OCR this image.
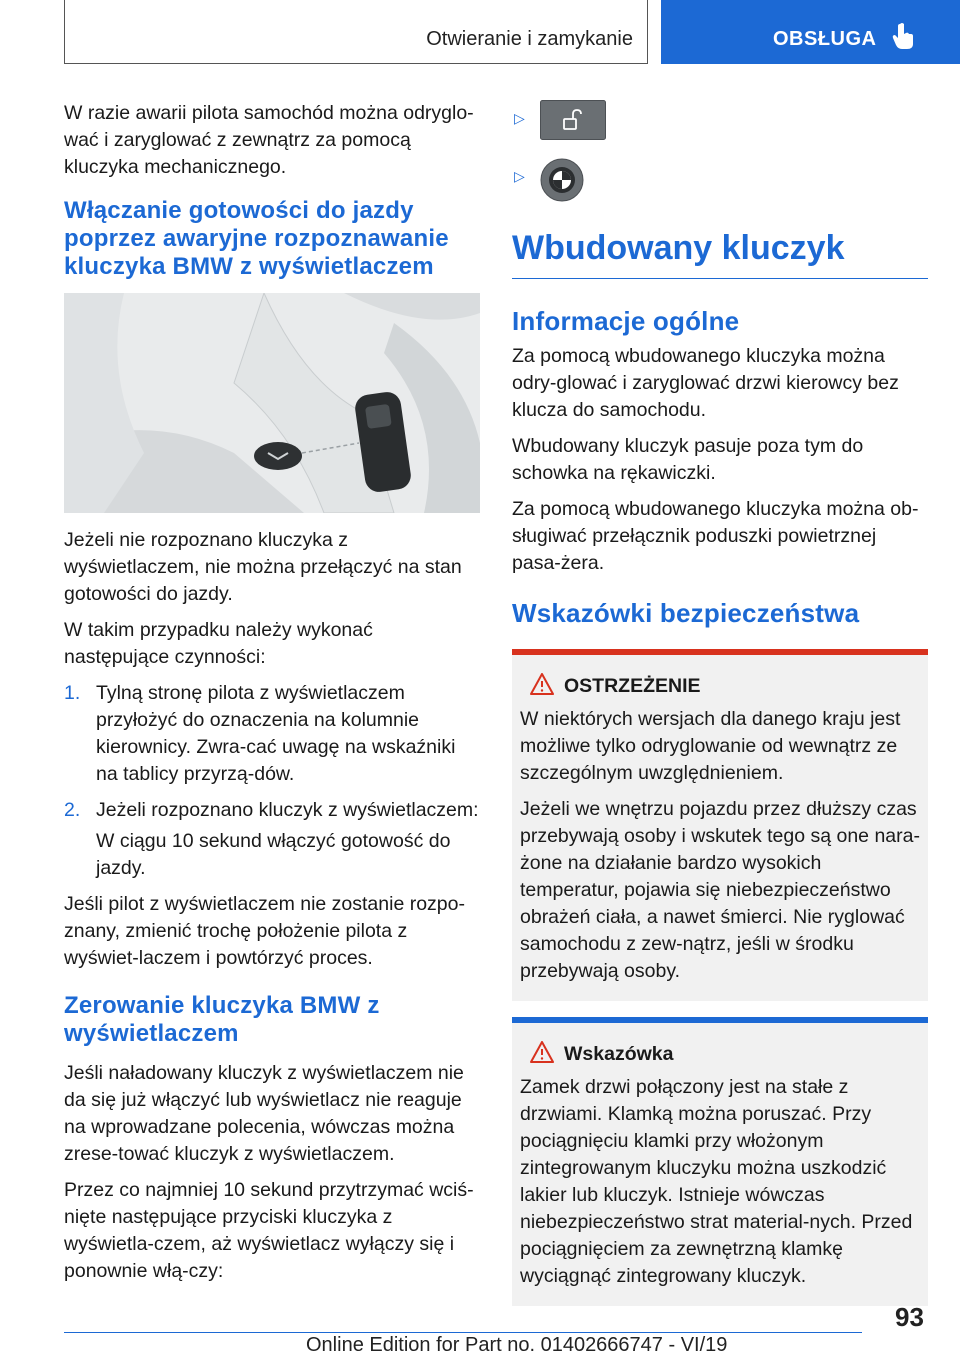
Otwieranie i zamykanie	OBSŁUGA

W razie awarii pilota samochód można odryglo-wać i zaryglować z zewnątrz za pomocą kluczyka mechanicznego.

Włączanie gotowości do jazdy poprzez awaryjne rozpoznawanie kluczyka BMW z wyświetlaczem

Jeżeli nie rozpoznano kluczyka z wyświetlaczem, nie można przełączyć na stan gotowości do jazdy.

W takim przypadku należy wykonać następujące czynności:

1. Tylną stronę pilota z wyświetlaczem przyłożyć do oznaczenia na kolumnie kierownicy. Zwra-cać uwagę na wskaźniki na tablicy przyrzą-dów.
2. Jeżeli rozpoznano kluczyk z wyświetlaczem:
W ciągu 10 sekund włączyć gotowość do jazdy.

Jeśli pilot z wyświetlaczem nie zostanie rozpo-znany, zmienić trochę położenie pilota z wyświet-laczem i powtórzyć proces.

Zerowanie kluczyka BMW z wyświetlaczem

Jeśli naładowany kluczyk z wyświetlaczem nie da się już włączyć lub wyświetlacz nie reaguje na wprowadzane polecenia, wówczas można zrese-tować kluczyk z wyświetlaczem.

Przez co najmniej 10 sekund przytrzymać wciś-nięte następujące przyciski kluczyka z wyświetla-czem, aż wyświetlacz wyłączy się i ponownie włą-czy:

▷
▷
Wbudowany kluczyk
Informacje ogólne

Za pomocą wbudowanego kluczyka można odry-glować i zaryglować drzwi kierowcy bez klucza do samochodu.

Wbudowany kluczyk pasuje poza tym do schowka na rękawiczki.

Za pomocą wbudowanego kluczyka można ob-sługiwać przełącznik poduszki powietrznej pasa-żera.

Wskazówki bezpieczeństwa
OSTRZEŻENIE

W niektórych wersjach dla danego kraju jest możliwe tylko odryglowanie od wewnątrz ze szczególnym uwzględnieniem.

Jeżeli we wnętrzu pojazdu przez dłuższy czas przebywają osoby i wskutek tego są one nara-żone na działanie bardzo wysokich temperatur, pojawia się niebezpieczeństwo obrażeń ciała, a nawet śmierci. Nie ryglować samochodu z zew-nątrz, jeśli w środku przebywają osoby.

Wskazówka

Zamek drzwi połączony jest na stałe z drzwiami. Klamką można poruszać. Przy pociągnięciu klamki przy włożonym zintegrowanym kluczyku można uszkodzić lakier lub kluczyk. Istnieje wówczas niebezpieczeństwo strat material-nych. Przed pociągnięciem za zewnętrzną klamkę wyciągnąć zintegrowany kluczyk.

93
Online Edition for Part no. 01402666747 - VI/19
